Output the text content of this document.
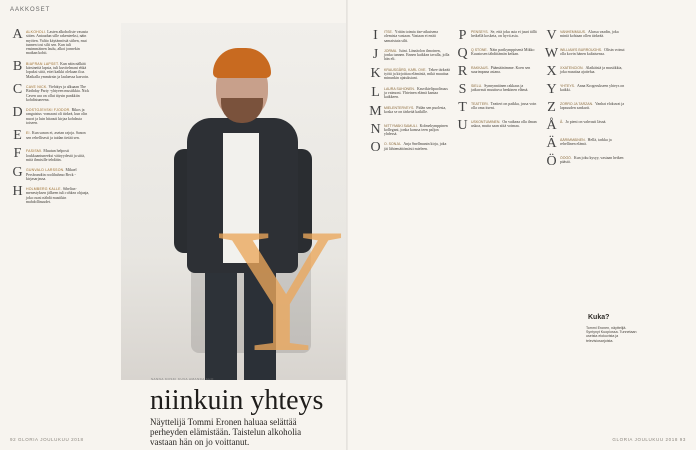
AAKKOSET
A ALKOHOLI. Lasten alkoholiste vasasta sitten. Antaudun sille rakenteeksi, näin myöten. Valtio käytännöstä siihen, mut tunnen tosi silti sen. Kun tuli ensimmäinen laulu, alkoi jonnekin matkan kohti.
B	BIAFRAN LAPSET. Kun näin nälkää kärsineitä lapsia, tuli kuvitelmani ehkä lopuksi siitä, ettei kaikki olekaan iloa. Matkalla ymmärsin ja laulaessa kasvoin.
C	CAVE NICK. Viehätys ja alkuaan The Birthday Party -yhtyeen musiikkia. Nick Caven ura on ollut täysin pankkiin kohdistuneena.
D DOSTOJEVSKI FJODOR. Rikos ja rangaistus -romaani oli tärkeä, kun olin nuori ja luin hitaasti kirjaa kohdasta toiseen.
E	EI. Kun sanon ei, asetan rajoja. Sanon sen rehellisesti ja taidan tietää sen.
F	FASISMI. Muutun helposti loukkaantuneeksi vääryydestä ja siitä, mitä ihmisille tehdään.
G GUNVALD LARSSON. Mikael Persbrandtin roolihahmo Beck -kirjasarjassa.
H HOLMBERG KALLE. Sibelius-menestyksen jälkeen tuli rohkea ohjaaja, joka osasi nähdä musiikin mahdollisuudet. Y
SANNA KOSKI KUVA AMANDA AHO
niinkuin yhteys
Näyttelijä Tommi Eronen haluaa selättää perheyden elämistään. Taistelun alkoholia vastaan hän on jo voittanut.
92 GLORIA JOULUKUU 2018
I	ITSE. Yritän toimia itse-aikuisena olemista vastaan. Vastaan ei enää samaistuta silti.
J	JORMA. Isäni. Läsnäolon ilmoinen, jonka tunnen. Ennen kaikkea tavalla, jolla hän eli.
K KRAUSGÅRD, KARL OVE. Tekee tärkeää työtä ja kirjoittaa elämästä, mikä muuttaa minunkin ajatuksiani.
L	LAURA SUHONEN. Kasvikielipuolisuus ja vaimoni. Yhteinen elämä kantaa kaikkeen.
M MIELENTERVEYS. Pidän sen puolesta, koska se on tärkeää kaikille.
N NITTYMÄKI SAMULI. Kolmekymppinen kollegani, jonka kanssa teen paljon yhdessä.
O O. SONJA. Anja Snellmanin kirja, joka jäi lähtemättömästi mieleen.
P	PENSEYS. Se, että joku asia ei juuri tällä hetkellä kosketa, on hyvä asia.
Q Q STONE. Näin parikymppisenä Mikko Kuustosen tähdittämän keikan.
R	RAKKAUS. Päämäärämme. Koen sen suurimpana asiana.
S	SIELU. Synnynnäinen rakkaus ja jatkuvasti muuttuva henkinen elämä.
T	TEATTERI. Teatteri on paikka, jossa voin olla oma itseni.
U USKONTUMINEN. On vaikeaa olla ilman uskoa, mutta saan siitä voimaa.
V VANHEMMUUS. Alussa vaadin, joka miniä kohtaan ollen tärkeää.
W WILLIAM'S BURROUGHS. Olisin voinut olla kovin hänen kaltaisensa.
X XXATENCION. Alaikäisiä ja musiikkia, joka muuttaa ajattelua.
Y YHTEYS. Anna Krogerukseen yhteys on kaikki.
Z	ZORRO JA TARZAN. Vanhat elokuvat ja lapsuuden sankarit.
Å Å. Jo pieni on vahvasti läsnä.
Ä ÄÄRIMMÄINEN. Hellä, tarkka ja rehellinen elämä.
Ö ÖÖÖÖ. Kun joku kysyy, vastaan hetken päästä.
Kuka?
Tommi Eronen, näyttelijä. Syntynyt Kuopiossa. Tunnetaan useista elokuvista ja televisiosarjoista.
GLORIA JOULUKUU 2018 93
